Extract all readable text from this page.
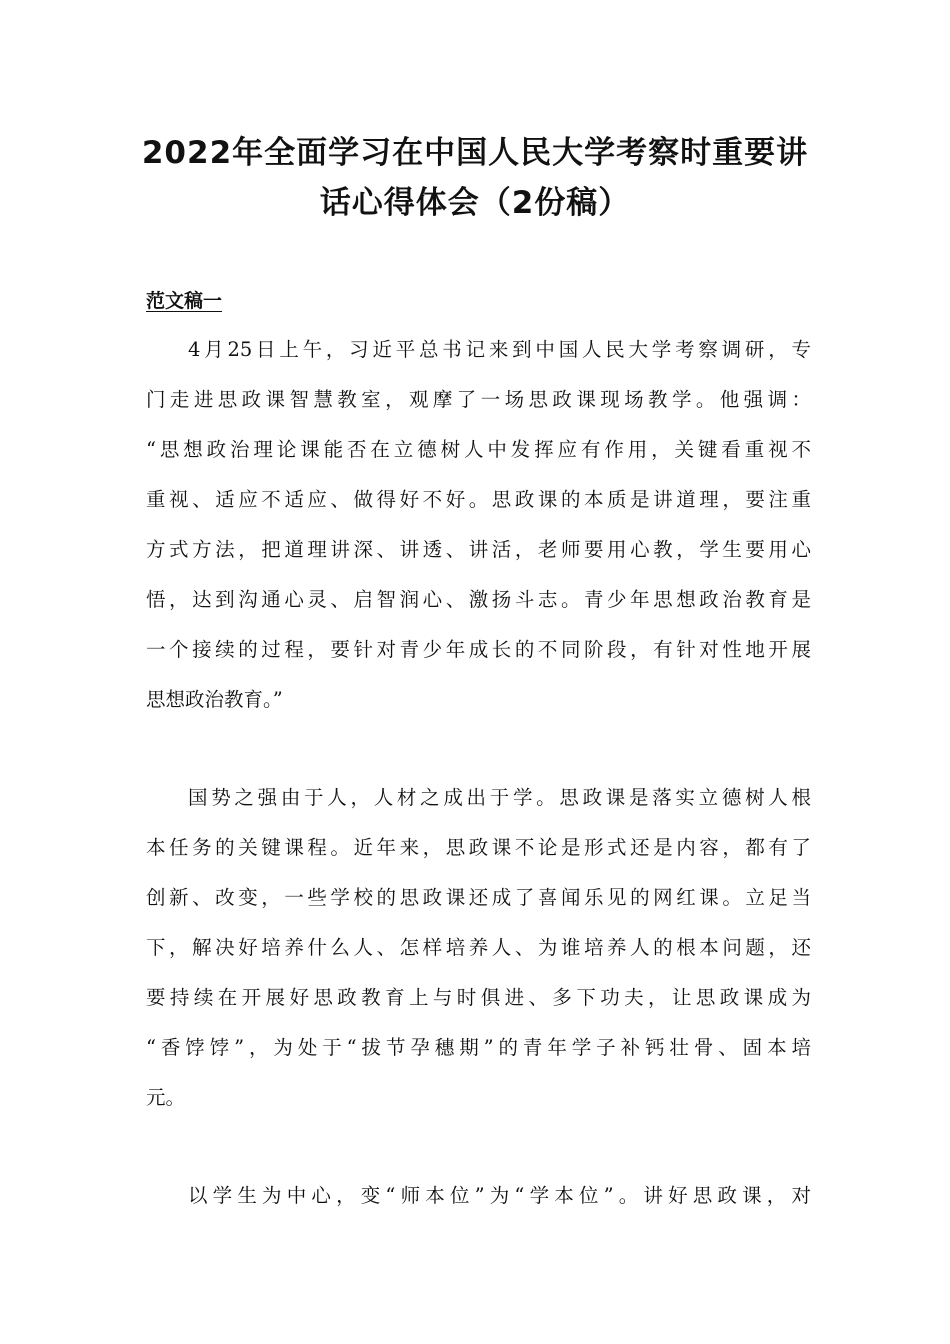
2022年全面学习在中国人民大学考察时重要讲
话心得体会（2份稿）
范文稿一
4月25日上午，习近平总书记来到中国人民大学考察调研，专
门走进思政课智慧教室，观摩了一场思政课现场教学。他强调：
“思想政治理论课能否在立德树人中发挥应有作用，关键看重视不
重视、适应不适应、做得好不好。思政课的本质是讲道理，要注重
方式方法，把道理讲深、讲透、讲活，老师要用心教，学生要用心
悟，达到沟通心灵、启智润心、激扬斗志。青少年思想政治教育是
一个接续的过程，要针对青少年成长的不同阶段，有针对性地开展
思想政治教育。”
国势之强由于人，人材之成出于学。思政课是落实立德树人根
本任务的关键课程。近年来，思政课不论是形式还是内容，都有了
创新、改变，一些学校的思政课还成了喜闻乐见的网红课。立足当
下，解决好培养什么人、怎样培养人、为谁培养人的根本问题，还
要持续在开展好思政教育上与时俱进、多下功夫，让思政课成为
“香饽饽”，为处于“拔节孕穗期”的青年学子补钙壮骨、固本培
元。
以学生为中心，变“师本位”为“学本位”。讲好思政课，对
